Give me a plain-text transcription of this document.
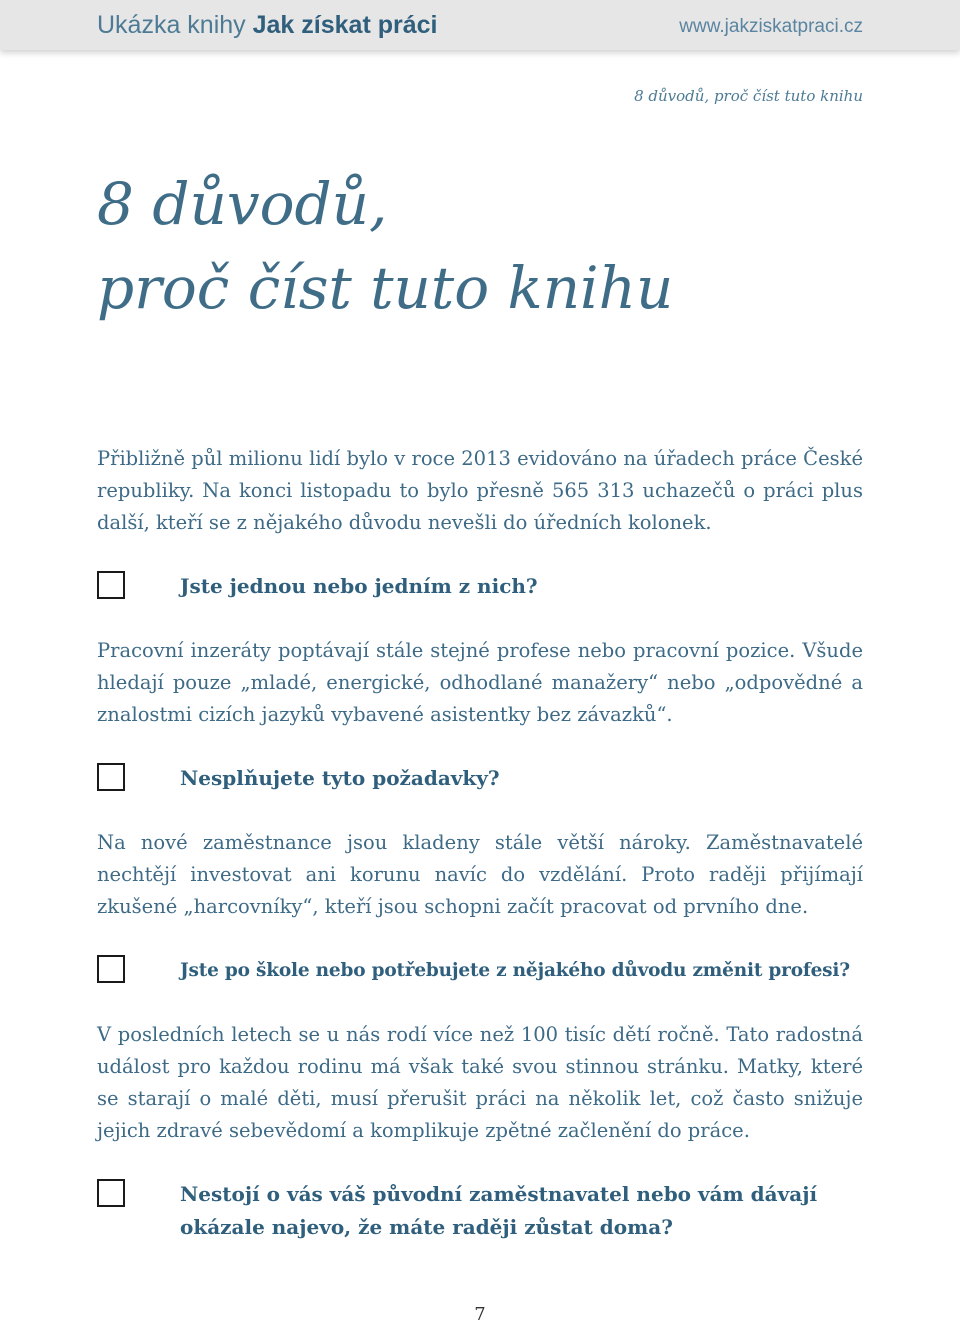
Ukázka knihy Jak získat práci	www.jakziskatpraci.cz
8 důvodů, proč číst tuto knihu
8 důvodů,
proč číst tuto knihu

Přibližně půl milionu lidí bylo v roce 2013 evidováno na úřadech práce České republiky. Na konci listopadu to bylo přesně 565 313 uchazečů o práci plus další, kteří se z nějakého důvodu nevešli do úředních kolonek.

Jste jednou nebo jedním z nich?

Pracovní inzeráty poptávají stále stejné profese nebo pracovní pozice. Všude hledají pouze „mladé, energické, odhodlané manažery“ nebo „odpovědné a znalostmi cizích jazyků vybavené asistentky bez závazků“.

Nesplňujete tyto požadavky?

Na nové zaměstnance jsou kladeny stále větší nároky. Zaměstnavatelé nechtějí investovat ani korunu navíc do vzdělání. Proto raději přijímají zkušené „harcovníky“, kteří jsou schopni začít pracovat od prvního dne.

Jste po škole nebo potřebujete z nějakého důvodu změnit profesi?

V posledních letech se u nás rodí více než 100 tisíc dětí ročně. Tato radostná událost pro každou rodinu má však také svou stinnou stránku. Matky, které se starají o malé děti, musí přerušit práci na několik let, což často snižuje jejich zdravé sebevědomí a komplikuje zpětné začlenění do práce.

Nestojí o vás váš původní zaměstnavatel nebo vám dávají okázale najevo, že máte raději zůstat doma?

7
